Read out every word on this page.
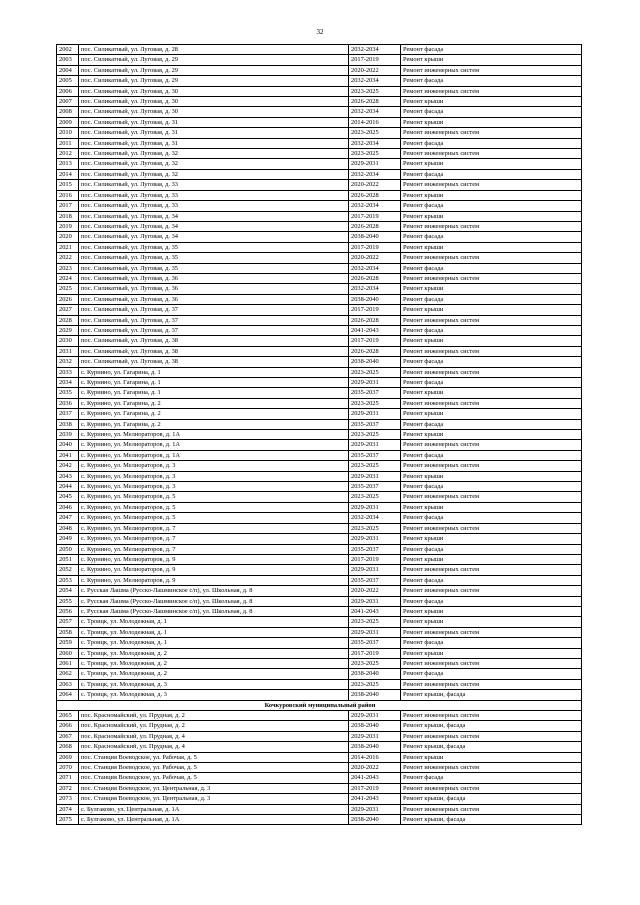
32
2002	пос. Силикатный, ул. Луговая, д. 28	2032-2034	Ремонт фасада
2003	пос. Силикатный, ул. Луговая, д. 29	2017-2019	Ремонт крыши
2004	пос. Силикатный, ул. Луговая, д. 29	2020-2022	Ремонт инженерных систем
2005	пос. Силикатный, ул. Луговая, д. 29	2032-2034	Ремонт фасада
2006	пос. Силикатный, ул. Луговая, д. 30	2023-2025	Ремонт инженерных систем
2007	пос. Силикатный, ул. Луговая, д. 30	2026-2028	Ремонт крыши
2008	пос. Силикатный, ул. Луговая, д. 30	2032-2034	Ремонт фасада
2009	пос. Силикатный, ул. Луговая, д. 31	2014-2016	Ремонт крыши
2010	пос. Силикатный, ул. Луговая, д. 31	2023-2025	Ремонт инженерных систем
2011	пос. Силикатный, ул. Луговая, д. 31	2032-2034	Ремонт фасада
2012	пос. Силикатный, ул. Луговая, д. 32	2023-2025	Ремонт инженерных систем
2013	пос. Силикатный, ул. Луговая, д. 32	2029-2031	Ремонт крыши
2014	пос. Силикатный, ул. Луговая, д. 32	2032-2034	Ремонт фасада
2015	пос. Силикатный, ул. Луговая, д. 33	2020-2022	Ремонт инженерных систем
2016	пос. Силикатный, ул. Луговая, д. 33	2026-2028	Ремонт крыши
2017	пос. Силикатный, ул. Луговая, д. 33	2032-2034	Ремонт фасада
2018	пос. Силикатный, ул. Луговая, д. 34	2017-2019	Ремонт крыши
2019	пос. Силикатный, ул. Луговая, д. 34	2026-2028	Ремонт инженерных систем
2020	пос. Силикатный, ул. Луговая, д. 34	2038-2040	Ремонт фасада
2021	пос. Силикатный, ул. Луговая, д. 35	2017-2019	Ремонт крыши
2022	пос. Силикатный, ул. Луговая, д. 35	2020-2022	Ремонт инженерных систем
2023	пос. Силикатный, ул. Луговая, д. 35	2032-2034	Ремонт фасада
2024	пос. Силикатный, ул. Луговая, д. 36	2026-2028	Ремонт инженерных систем
2025	пос. Силикатный, ул. Луговая, д. 36	2032-2034	Ремонт крыши
2026	пос. Силикатный, ул. Луговая, д. 36	2038-2040	Ремонт фасада
2027	пос. Силикатный, ул. Луговая, д. 37	2017-2019	Ремонт крыши
2028	пос. Силикатный, ул. Луговая, д. 37	2026-2028	Ремонт инженерных систем
2029	пос. Силикатный, ул. Луговая, д. 37	2041-2043	Ремонт фасада
2030	пос. Силикатный, ул. Луговая, д. 38	2017-2019	Ремонт крыши
2031	пос. Силикатный, ул. Луговая, д. 38	2026-2028	Ремонт инженерных систем
2032	пос. Силикатный, ул. Луговая, д. 38	2038-2040	Ремонт фасада
2033	с. Курнино, ул. Гагарина, д. 1	2023-2025	Ремонт инженерных систем
2034	с. Курнино, ул. Гагарина, д. 1	2029-2031	Ремонт фасада
2035	с. Курнино, ул. Гагарина, д. 1	2035-2037	Ремонт крыши
2036	с. Курнино, ул. Гагарина, д. 2	2023-2025	Ремонт инженерных систем
2037	с. Курнино, ул. Гагарина, д. 2	2029-2031	Ремонт крыши
2038	с. Курнино, ул. Гагарина, д. 2	2035-2037	Ремонт фасада
2039	с. Курнино, ул. Мелиораторов, д. 1А	2023-2025	Ремонт крыши
2040	с. Курнино, ул. Мелиораторов, д. 1А	2029-2031	Ремонт инженерных систем
2041	с. Курнино, ул. Мелиораторов, д. 1А	2035-2037	Ремонт фасада
2042	с. Курнино, ул. Мелиораторов, д. 3	2023-2025	Ремонт инженерных систем
2043	с. Курнино, ул. Мелиораторов, д. 3	2029-2031	Ремонт крыши
2044	с. Курнино, ул. Мелиораторов, д. 3	2035-2037	Ремонт фасада
2045	с. Курнино, ул. Мелиораторов, д. 5	2023-2025	Ремонт инженерных систем
2046	с. Курнино, ул. Мелиораторов, д. 5	2029-2031	Ремонт крыши
2047	с. Курнино, ул. Мелиораторов, д. 5	2032-2034	Ремонт фасада
2048	с. Курнино, ул. Мелиораторов, д. 7	2023-2025	Ремонт инженерных систем
2049	с. Курнино, ул. Мелиораторов, д. 7	2029-2031	Ремонт крыши
2050	с. Курнино, ул. Мелиораторов, д. 7	2035-2037	Ремонт фасада
2051	с. Курнино, ул. Мелиораторов, д. 9	2017-2019	Ремонт крыши
2052	с. Курнино, ул. Мелиораторов, д. 9	2029-2031	Ремонт инженерных систем
2053	с. Курнино, ул. Мелиораторов, д. 9	2035-2037	Ремонт фасада
2054	с. Русская Лашма (Русско-Лашминское с/п), ул. Школьная, д. 8	2020-2022	Ремонт инженерных систем
2055	с. Русская Лашма (Русско-Лашминское с/п), ул. Школьная, д. 8	2029-2031	Ремонт фасада
2056	с. Русская Лашма (Русско-Лашминское с/п), ул. Школьная, д. 8	2041-2043	Ремонт крыши
2057	с. Троицк, ул. Молодежная, д. 1	2023-2025	Ремонт крыши
2058	с. Троицк, ул. Молодежная, д. 1	2029-2031	Ремонт инженерных систем
2059	с. Троицк, ул. Молодежная, д. 1	2035-2037	Ремонт фасада
2060	с. Троицк, ул. Молодежная, д. 2	2017-2019	Ремонт крыши
2061	с. Троицк, ул. Молодежная, д. 2	2023-2025	Ремонт инженерных систем
2062	с. Троицк, ул. Молодежная, д. 2	2038-2040	Ремонт фасада
2063	с. Троицк, ул. Молодежная, д. 3	2023-2025	Ремонт инженерных систем
2064	с. Троицк, ул. Молодежная, д. 3	2038-2040	Ремонт крыши, фасада
Кочкуровский муниципальный район			
2065	пос. Красномайский, ул. Прудная, д. 2	2029-2031	Ремонт инженерных систем
2066	пос. Красномайский, ул. Прудная, д. 2	2038-2040	Ремонт крыши, фасада
2067	пос. Красномайский, ул. Прудная, д. 4	2029-2031	Ремонт инженерных систем
2068	пос. Красномайский, ул. Прудная, д. 4	2038-2040	Ремонт крыши, фасада
2069	пос. Станция Воеводское, ул. Рабочая, д. 5	2014-2016	Ремонт крыши
2070	пос. Станция Воеводское, ул. Рабочая, д. 5	2020-2022	Ремонт инженерных систем
2071	пос. Станция Воеводское, ул. Рабочая, д. 5	2041-2043	Ремонт фасада
2072	пос. Станция Воеводское, ул. Центральная, д. 3	2017-2019	Ремонт инженерных систем
2073	пос. Станция Воеводское, ул. Центральная, д. 3	2041-2043	Ремонт крыши, фасада
2074	с. Булгаково, ул. Центральная, д. 1А	2029-2031	Ремонт инженерных систем
2075	с. Булгаково, ул. Центральная, д. 1А	2038-2040	Ремонт крыши, фасада
